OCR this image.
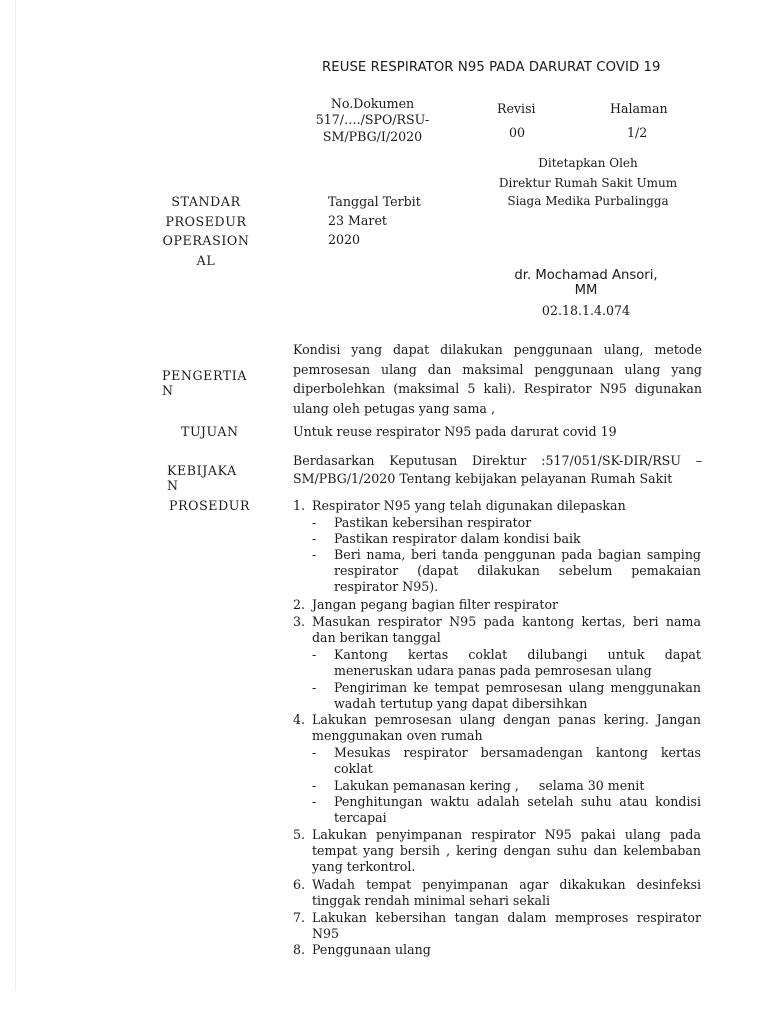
REUSE RESPIRATOR N95 PADA DARURAT COVID 19
No.Dokumen
517/…./SPO/RSU-
SM/PBG/I/2020
Revisi
00
Halaman
1/2
STANDAR
PROSEDUR
OPERASION
AL
Tanggal Terbit
23 Maret
2020
Ditetapkan Oleh
Direktur Rumah Sakit Umum
Siaga Medika Purbalingga
dr. Mochamad Ansori,
MM
02.18.1.4.074
PENGERTIA
N
Kondisi yang dapat dilakukan penggunaan ulang, metode
pemrosesan ulang dan maksimal penggunaan ulang yang
diperbolehkan (maksimal 5 kali). Respirator N95 digunakan
ulang oleh petugas yang sama ,
TUJUAN	Untuk reuse respirator N95 pada darurat covid 19
KEBIJAKA
N
Berdasarkan Keputusan Direktur :517/051/SK-DIR/RSU –
SM/PBG/1/2020 Tentang kebijakan pelayanan Rumah Sakit
PROSEDUR	1. Respirator N95 yang telah digunakan dilepaskan
- Pastikan kebersihan respirator
- Pastikan respirator dalam kondisi baik
- Beri nama, beri tanda penggunan pada bagian samping
respirator (dapat dilakukan sebelum pemakaian
respirator N95).
2. Jangan pegang bagian filter respirator
3. Masukan respirator N95 pada kantong kertas, beri nama
dan berikan tanggal
- Kantong kertas coklat dilubangi untuk dapat
meneruskan udara panas pada pemrosesan ulang
- Pengiriman ke tempat pemrosesan ulang menggunakan
wadah tertutup yang dapat dibersihkan
4. Lakukan pemrosesan ulang dengan panas kering. Jangan
menggunakan oven rumah
- Mesukas respirator bersamadengan kantong kertas
coklat
- Lakukan pemanasan kering ,     selama 30 menit
- Penghitungan waktu adalah setelah suhu atau kondisi
tercapai
5. Lakukan penyimpanan respirator N95 pakai ulang pada
tempat yang bersih , kering dengan suhu dan kelembaban
yang terkontrol.
6. Wadah tempat penyimpanan agar dikakukan desinfeksi
tinggak rendah minimal sehari sekali
7. Lakukan kebersihan tangan dalam memproses respirator
N95
8. Penggunaan ulang
